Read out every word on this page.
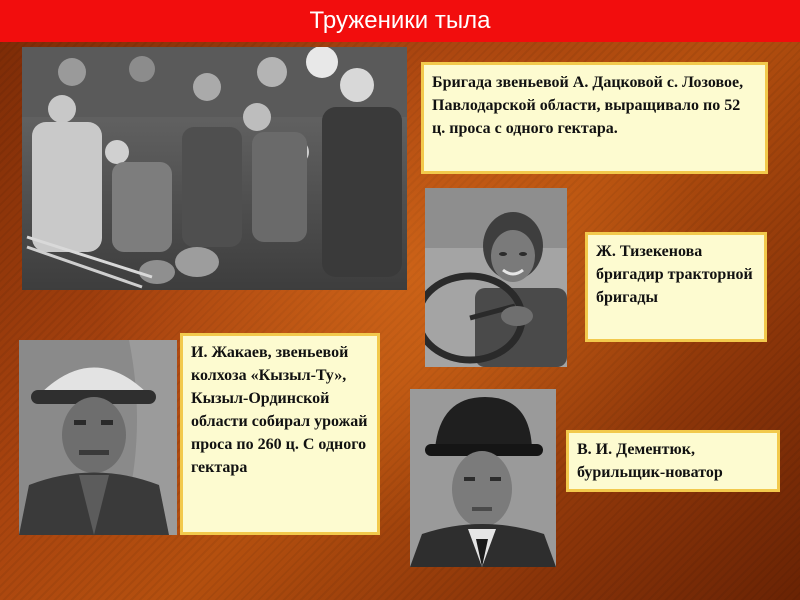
Труженики тыла
Бригада звеньевой А. Дацковой с. Лозовое, Павлодарской области, выращивало по 52 ц. проса с одного гектара.
Ж. Тизекенова бригадир тракторной бригады
И. Жакаев, звеньевой колхоза «Кызыл-Ту», Кызыл-Ординской области собирал урожай проса по 260 ц. С одного гектара
В. И. Дементюк, бурильщик-новатор
